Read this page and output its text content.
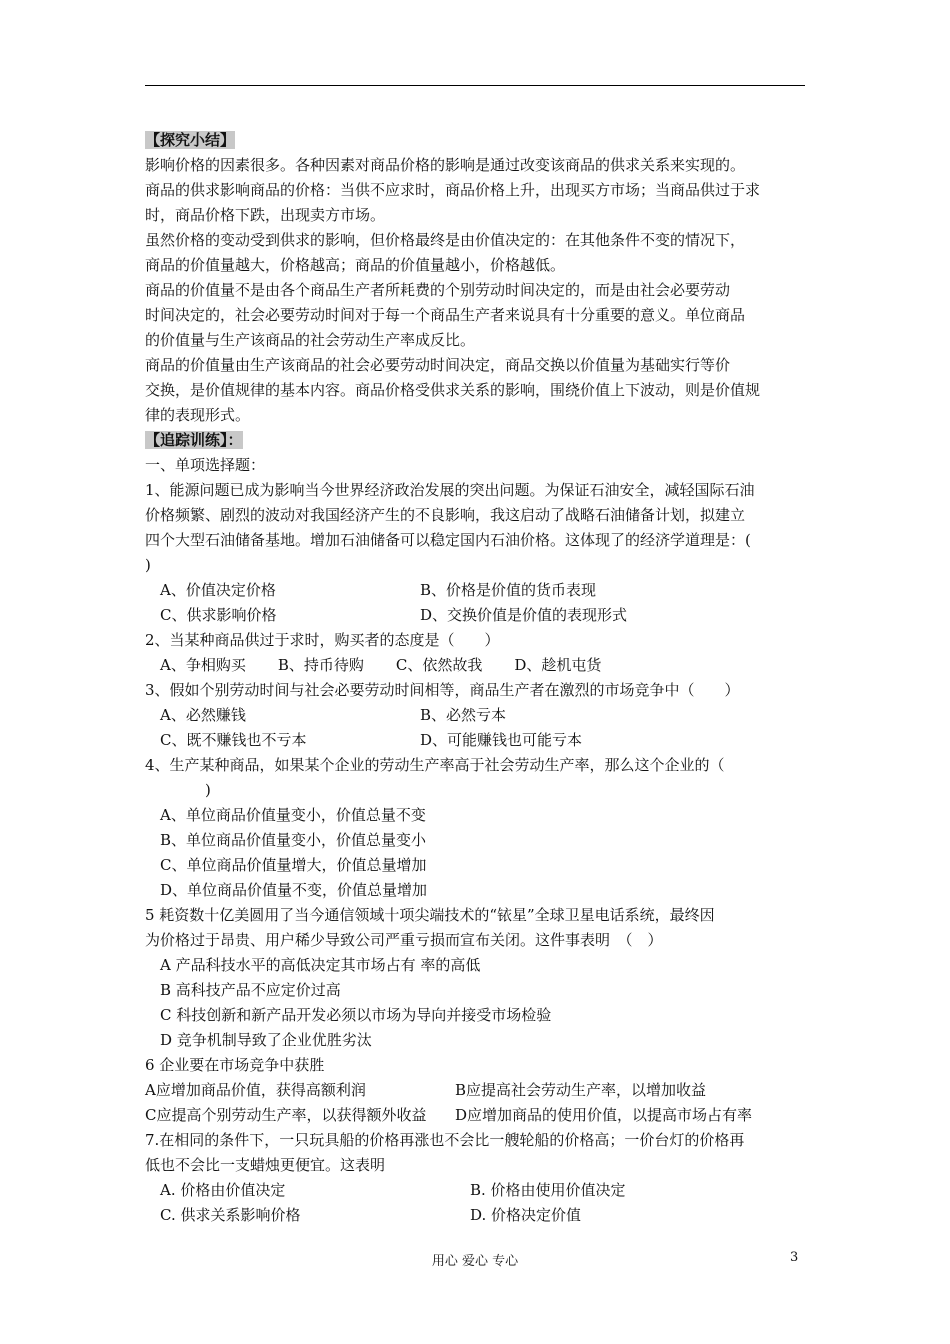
【探究小结】
影响价格的因素很多。各种因素对商品价格的影响是通过改变该商品的供求关系来实现的。
商品的供求影响商品的价格：当供不应求时，商品价格上升，出现买方市场；当商品供过于求
时，商品价格下跌，出现卖方市场。
虽然价格的变动受到供求的影响，但价格最终是由价值决定的：在其他条件不变的情况下，
商品的价值量越大，价格越高；商品的价值量越小，价格越低。
商品的价值量不是由各个商品生产者所耗费的个别劳动时间决定的，而是由社会必要劳动
时间决定的，社会必要劳动时间对于每一个商品生产者来说具有十分重要的意义。单位商品
的价值量与生产该商品的社会劳动生产率成反比。
商品的价值量由生产该商品的社会必要劳动时间决定，商品交换以价值量为基础实行等价
交换，是价值规律的基本内容。商品价格受供求关系的影响，围绕价值上下波动，则是价值规
律的表现形式。
【追踪训练】：
一、单项选择题：
1、能源问题已成为影响当今世界经济政治发展的突出问题。为保证石油安全，减轻国际石油
价格频繁、剧烈的波动对我国经济产生的不良影响，我这启动了战略石油储备计划，拟建立
四个大型石油储备基地。增加石油储备可以稳定国内石油价格。这体现了的经济学道理是：(
)
A、价值决定价格	B、价格是价值的货币表现
C、供求影响价格	D、交换价值是价值的表现形式
2、当某种商品供过于求时，购买者的态度是（　　）
A、争相购买 B、持币待购 C、依然故我 D、趁机屯货
3、假如个别劳动时间与社会必要劳动时间相等，商品生产者在激烈的市场竞争中（　　）
A、必然赚钱	B、必然亏本
C、既不赚钱也不亏本	D、可能赚钱也可能亏本
4、生产某种商品，如果某个企业的劳动生产率高于社会劳动生产率，那么这个企业的（
)
A、单位商品价值量变小，价值总量不变
B、单位商品价值量变小，价值总量变小
C、单位商品价值量增大，价值总量增加
D、单位商品价值量不变，价值总量增加
5 耗资数十亿美圆用了当今通信领域十项尖端技术的“铱星”全球卫星电话系统，最终因
为价格过于昂贵、用户稀少导致公司严重亏损而宣布关闭。这件事表明　（　）
A 产品科技水平的高低决定其市场占有 率的高低
B 高科技产品不应定价过高
C 科技创新和新产品开发必须以市场为导向并接受市场检验
D 竞争机制导致了企业优胜劣汰
6 企业要在市场竞争中获胜
A应增加商品价值，获得高额利润	B应提高社会劳动生产率，以增加收益
C应提高个别劳动生产率，以获得额外收益	D应增加商品的使用价值，以提高市场占有率
7.在相同的条件下，一只玩具船的价格再涨也不会比一艘轮船的价格高；一价台灯的价格再
低也不会比一支蜡烛更便宜。这表明
A. 价格由价值决定	B. 价格由使用价值决定
C. 供求关系影响价格	D. 价格决定价值
用心 爱心 专心	3
